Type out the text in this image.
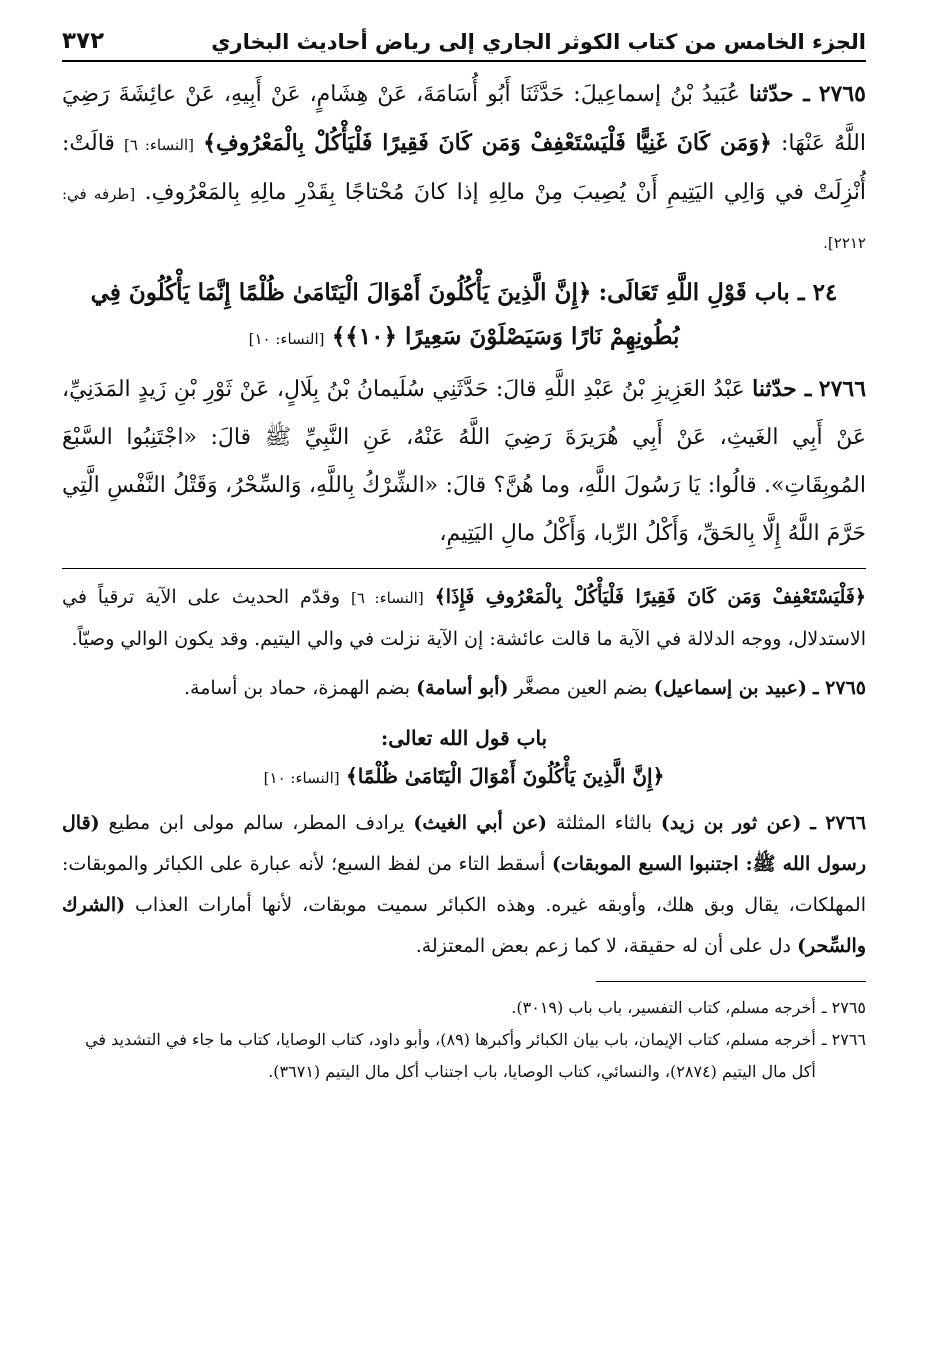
الجزء الخامس من كتاب الكوثر الجاري إلى رياض أحاديث البخاري
٣٧٢
٢٧٦٥ ـ حدّثنا عُبَيدُ بْنُ إسماعِيلَ: حَدَّثَنَا أَبُو أُسَامَةَ، عَنْ هِشَامٍ، عَنْ أَبِيهِ، عَنْ عائِشَةَ رَضِيَ اللَّهُ عَنْهَا: ﴿وَمَن كَانَ غَنِيًّا فَلْيَسْتَعْفِفْ وَمَن كَانَ فَقِيرًا فَلْيَأْكُلْ بِالْمَعْرُوفِ﴾ [النساء: ٦] قالَتْ: أُنْزِلَتْ في وَالِي اليَتِيمِ أَنْ يُصِيبَ مِنْ مالِهِ إذا كانَ مُحْتاجًا بِقَدْرِ مالِهِ بِالمَعْرُوفِ. [طرفه في: ٢٢١٢].
٢٤ ـ باب قَوْلِ اللَّهِ تَعَالَى: ﴿إِنَّ الَّذِينَ يَأْكُلُونَ أَمْوَالَ الْيَتَامَىٰ ظُلْمًا إِنَّمَا يَأْكُلُونَ فِي بُطُونِهِمْ نَارًا وَسَيَصْلَوْنَ سَعِيرًا ﴿١٠﴾﴾ [النساء: ١٠]
٢٧٦٦ ـ حدّثنا عَبْدُ العَزِيزِ بْنُ عَبْدِ اللَّهِ قالَ: حَدَّثَنِي سُلَيمانُ بْنُ بِلَالٍ، عَنْ ثَوْرِ بْنِ زَيدٍ المَدَنِيِّ، عَنْ أَبِي الغَيثِ، عَنْ أَبِي هُرَيرَةَ رَضِيَ اللَّهُ عَنْهُ، عَنِ النَّبِيِّ ﷺ قالَ: «اجْتَنِبُوا السَّبْعَ المُوبِقَاتِ». قالُوا: يَا رَسُولَ اللَّهِ، وما هُنَّ؟ قالَ: «الشِّرْكُ بِاللَّهِ، وَالسِّحْرُ، وَقَتْلُ النَّفْسِ الَّتِي حَرَّمَ اللَّهُ إِلَّا بِالحَقِّ، وَأَكْلُ الرِّبا، وَأَكْلُ مالِ اليَتِيمِ،
﴿فَلْيَسْتَعْفِفْ وَمَن كَانَ فَقِيرًا فَلْيَأْكُلْ بِالْمَعْرُوفِ فَإِذَا﴾ [النساء: ٦] وقدّم الحديث على الآية ترقياً في الاستدلال، ووجه الدلالة في الآية ما قالت عائشة: إن الآية نزلت في والي اليتيم. وقد يكون الوالي وصيّاً.
٢٧٦٥ ـ (عبيد بن إسماعيل) بضم العين مصغَّر (أبو أسامة) بضم الهمزة، حماد بن أسامة.
باب قول الله تعالى:
﴿إِنَّ الَّذِينَ يَأْكُلُونَ أَمْوَالَ الْيَتَامَىٰ ظُلْمًا﴾ [النساء: ١٠]
٢٧٦٦ ـ (عن ثور بن زيد) بالثاء المثلثة (عن أبي الغيث) يرادف المطر، سالم مولى ابن مطيع (قال رسول الله ﷺ: اجتنبوا السبع الموبقات) أسقط التاء من لفظ السبع؛ لأنه عبارة على الكبائر والموبقات: المهلكات، يقال وبق هلك، وأوبقه غيره. وهذه الكبائر سميت موبقات، لأنها أمارات العذاب (الشرك والسِّحر) دل على أن له حقيقة، لا كما زعم بعض المعتزلة.
٢٧٦٥ ـ
أخرجه مسلم، كتاب التفسير، باب باب (٣٠١٩).
٢٧٦٦ ـ
أخرجه مسلم، كتاب الإيمان، باب بيان الكبائر وأكبرها (٨٩)، وأبو داود، كتاب الوصايا، كتاب ما جاء في التشديد في أكل مال اليتيم (٢٨٧٤)، والنسائي، كتاب الوصايا، باب اجتناب أكل مال اليتيم (٣٦٧١).
